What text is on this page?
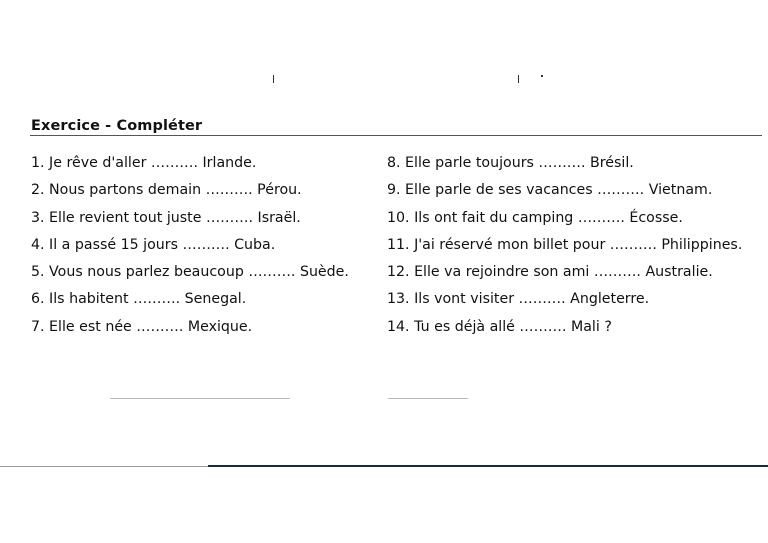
Exercice - Compléter
1. Je rêve d'aller ………. Irlande.
2. Nous partons demain ………. Pérou.
3. Elle revient tout juste ………. Israël.
4. Il a passé 15 jours ………. Cuba.
5. Vous nous parlez beaucoup ………. Suède.
6. Ils habitent ………. Senegal.
7. Elle est née ………. Mexique.
8. Elle parle toujours ………. Brésil.
9. Elle parle de ses vacances ………. Vietnam.
10. Ils ont fait du camping ………. Écosse.
11. J'ai réservé mon billet pour ………. Philippines.
12. Elle va rejoindre son ami ………. Australie.
13. Ils vont visiter ………. Angleterre.
14. Tu es déjà allé ………. Mali ?
